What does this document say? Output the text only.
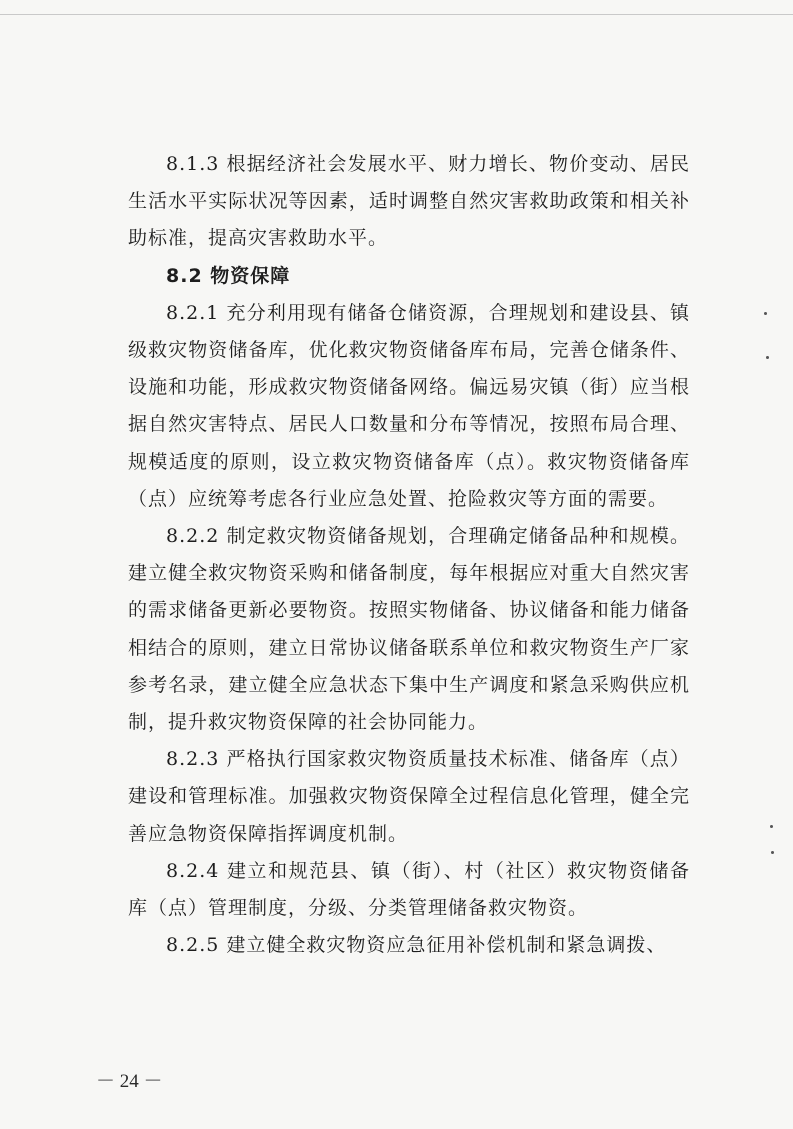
8.1.3 根据经济社会发展水平、财力增长、物价变动、居民生活水平实际状况等因素，适时调整自然灾害救助政策和相关补助标准，提高灾害救助水平。

8.2 物资保障

8.2.1 充分利用现有储备仓储资源，合理规划和建设县、镇级救灾物资储备库，优化救灾物资储备库布局，完善仓储条件、设施和功能，形成救灾物资储备网络。偏远易灾镇（街）应当根据自然灾害特点、居民人口数量和分布等情况，按照布局合理、规模适度的原则，设立救灾物资储备库（点）。救灾物资储备库（点）应统筹考虑各行业应急处置、抢险救灾等方面的需要。

8.2.2 制定救灾物资储备规划，合理确定储备品种和规模。建立健全救灾物资采购和储备制度，每年根据应对重大自然灾害的需求储备更新必要物资。按照实物储备、协议储备和能力储备相结合的原则，建立日常协议储备联系单位和救灾物资生产厂家参考名录，建立健全应急状态下集中生产调度和紧急采购供应机制，提升救灾物资保障的社会协同能力。

8.2.3 严格执行国家救灾物资质量技术标准、储备库（点）建设和管理标准。加强救灾物资保障全过程信息化管理，健全完善应急物资保障指挥调度机制。

8.2.4 建立和规范县、镇（街）、村（社区）救灾物资储备库（点）管理制度，分级、分类管理储备救灾物资。

8.2.5 建立健全救灾物资应急征用补偿机制和紧急调拨、

－ 24 －
